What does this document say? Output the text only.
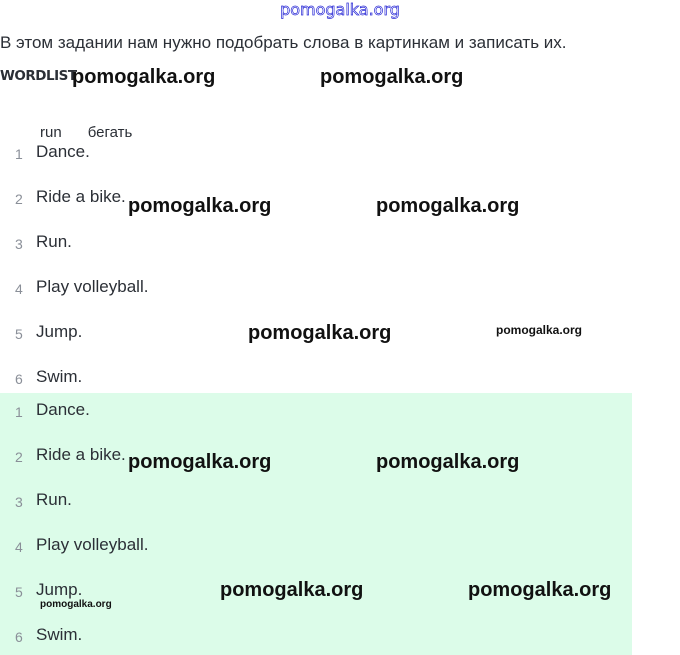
pomogalka.org
В этом задании нам нужно подобрать слова в картинкам и записать их.
WORDLIST
run бегать
1 Dance.
2 Ride a bike.
3 Run.
4 Play volleyball.
5 Jump.
6 Swim.
1 Dance.
2 Ride a bike.
3 Run.
4 Play volleyball.
5 Jump.
6 Swim.
pomogalka.org	pomogalka.org
pomogalka.org	pomogalka.org
pomogalka.org	pomogalka.org
pomogalka.org	pomogalka.org
pomogalka.org	pomogalka.org
pomogalka.org
